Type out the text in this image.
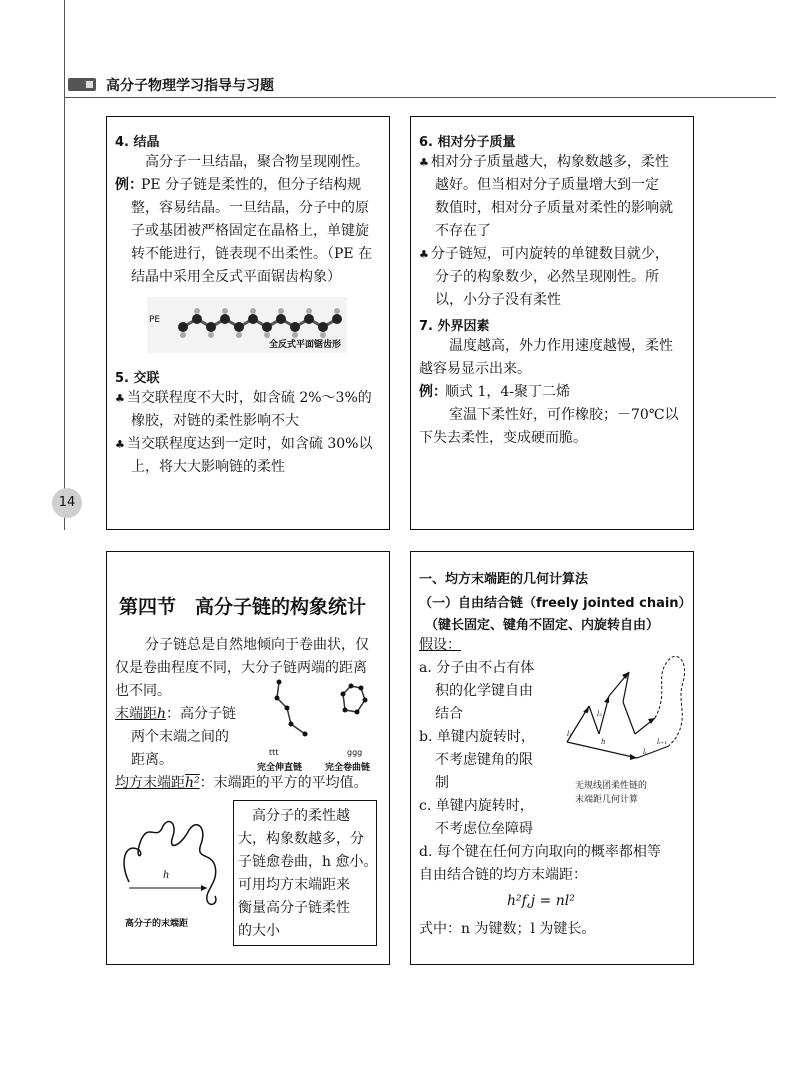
高分子物理学习指导与习题
14
4. 结晶
高分子一旦结晶，聚合物呈现刚性。
例：
PE 分子链是柔性的，但分子结构规
整，容易结晶。一旦结晶，分子中的原
子或基团被严格固定在晶格上，单键旋
转不能进行，链表现不出柔性。（PE 在
结晶中采用全反式平面锯齿构象）
PE
全反式平面锯齿形
5. 交联
♣ 当交联程度不大时，如含硫 2%～3%的
橡胶，对链的柔性影响不大
♣ 当交联程度达到一定时，如含硫 30%以
上，将大大影响链的柔性
6. 相对分子质量
♣ 相对分子质量越大，构象数越多，柔性
越好。但当相对分子质量增大到一定
数值时，相对分子质量对柔性的影响就
不存在了
♣ 分子链短，可内旋转的单键数目就少，
分子的构象数少，必然呈现刚性。所
以，小分子没有柔性
7. 外界因素
温度越高，外力作用速度越慢，柔性
越容易显示出来。
例：
顺式 1，4-聚丁二烯
室温下柔性好，可作橡胶；－70℃以
下失去柔性，变成硬而脆。
第四节　高分子链的构象统计
分子链总是自然地倾向于卷曲状，仅
仅是卷曲程度不同，大分子链两端的距离
也不同。
末端距h：高分子链
两个末端之间的
距离。	ttt	ggg
完全伸直链	完全卷曲链
均方末端距h²：末端距的平方的平均值。
h
高分子的末端距
高分子的柔性越
大，构象数越多，分
子链愈卷曲，h 愈小。
可用均方末端距来
衡量高分子链柔性
的大小
一、均方末端距的几何计算法
（一）自由结合链（freely jointed chain）
（键长固定、键角不固定、内旋转自由）
假设：
a. 分子由不占有体
积的化学键自由
结合
b. 单键内旋转时，
不考虑键角的限
制
c. 单键内旋转时，
不考虑位垒障碍
d. 每个键在任何方向取向的概率都相等
自由结合链的均方末端距：
l₁
l₂
h
lᵢ
lᵢ₊₁
无规线团柔性链的
末端距几何计算
h²f,j = nl²
式中：n 为键数；l 为键长。
